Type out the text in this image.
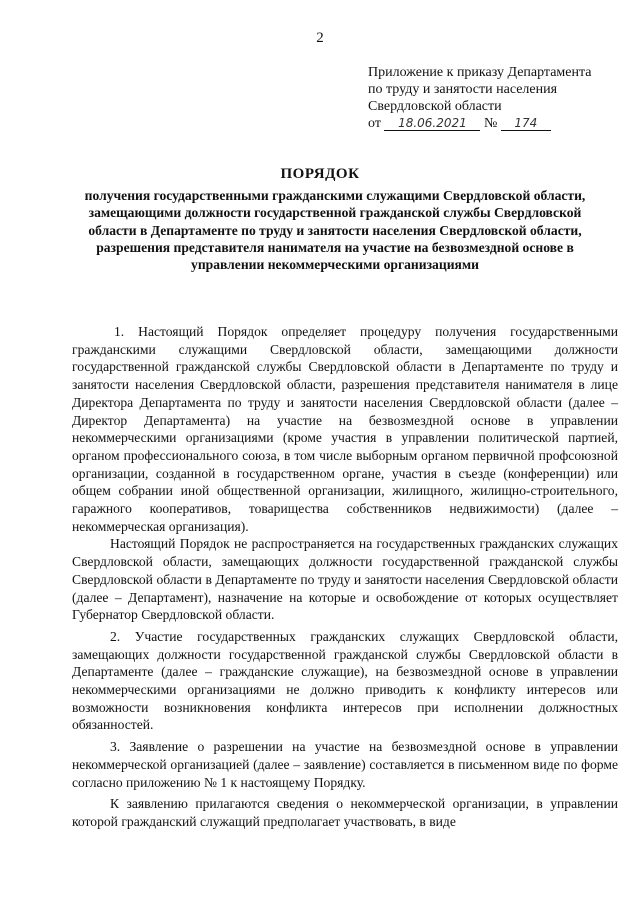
2
Приложение к приказу Департамента
по труду и занятости населения
Свердловской области
от 18.06.2021 № 174
ПОРЯДОК
получения государственными гражданскими служащими Свердловской области, замещающими должности государственной гражданской службы Свердловской области в Департаменте по труду и занятости населения Свердловской области, разрешения представителя нанимателя на участие на безвозмездной основе в управлении некоммерческими организациями

1. Настоящий Порядок определяет процедуру получения государственными гражданскими служащими Свердловской области, замещающими должности государственной гражданской службы Свердловской области в Департаменте по труду и занятости населения Свердловской области, разрешения представителя нанимателя в лице Директора Департамента по труду и занятости населения Свердловской области (далее – Директор Департамента) на участие на безвозмездной основе в управлении некоммерческими организациями (кроме участия в управлении политической партией, органом профессионального союза, в том числе выборным органом первичной профсоюзной организации, созданной в государственном органе, участия в съезде (конференции) или общем собрании иной общественной организации, жилищного, жилищно-строительного, гаражного кооперативов, товарищества собственников недвижимости) (далее – некоммерческая организация).

Настоящий Порядок не распространяется на государственных гражданских служащих Свердловской области, замещающих должности государственной гражданской службы Свердловской области в Департаменте по труду и занятости населения Свердловской области (далее – Департамент), назначение на которые и освобождение от которых осуществляет Губернатор Свердловской области.

2. Участие государственных гражданских служащих Свердловской области, замещающих должности государственной гражданской службы Свердловской области в Департаменте (далее – гражданские служащие), на безвозмездной основе в управлении некоммерческими организациями не должно приводить к конфликту интересов или возможности возникновения конфликта интересов при исполнении должностных обязанностей.

3. Заявление о разрешении на участие на безвозмездной основе в управлении некоммерческой организацией (далее – заявление) составляется в письменном виде по форме согласно приложению № 1 к настоящему Порядку.

К заявлению прилагаются сведения о некоммерческой организации, в управлении которой гражданский служащий предполагает участвовать, в виде
